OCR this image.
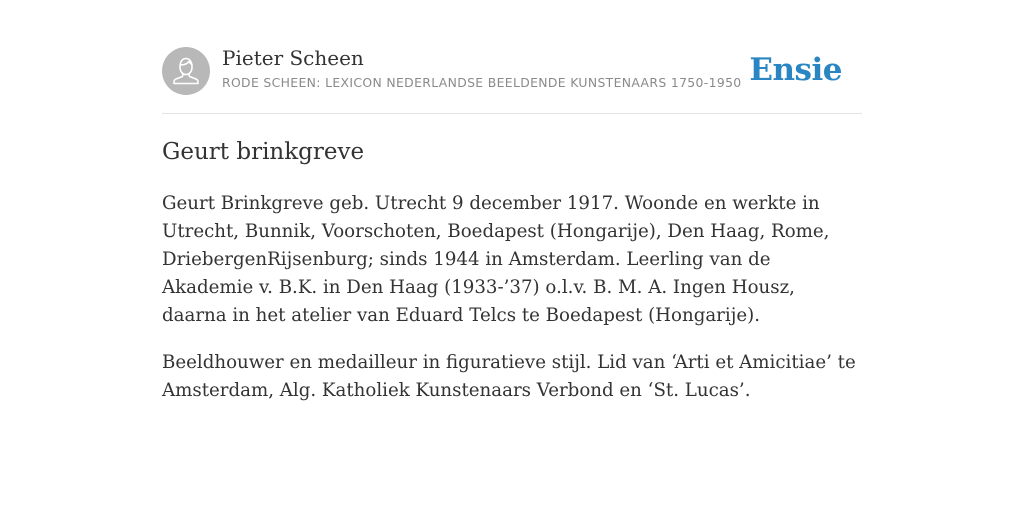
Pieter Scheen
RODE SCHEEN: LEXICON NEDERLANDSE BEELDENDE KUNSTENAARS 1750-1950 Ensie
Geurt brinkgreve

Geurt Brinkgreve geb. Utrecht 9 december 1917. Woonde en werkte in Utrecht, Bunnik, Voorschoten, Boedapest (Hongarije), Den Haag, Rome, DriebergenRijsenburg; sinds 1944 in Amsterdam. Leerling van de Akademie v. B.K. in Den Haag (1933-’37) o.l.v. B. M. A. Ingen Housz, daarna in het atelier van Eduard Telcs te Boedapest (Hongarije).

Beeldhouwer en medailleur in figuratieve stijl. Lid van ‘Arti et Amicitiae’ te Amsterdam, Alg. Katholiek Kunstenaars Verbond en ‘St. Lucas’.
